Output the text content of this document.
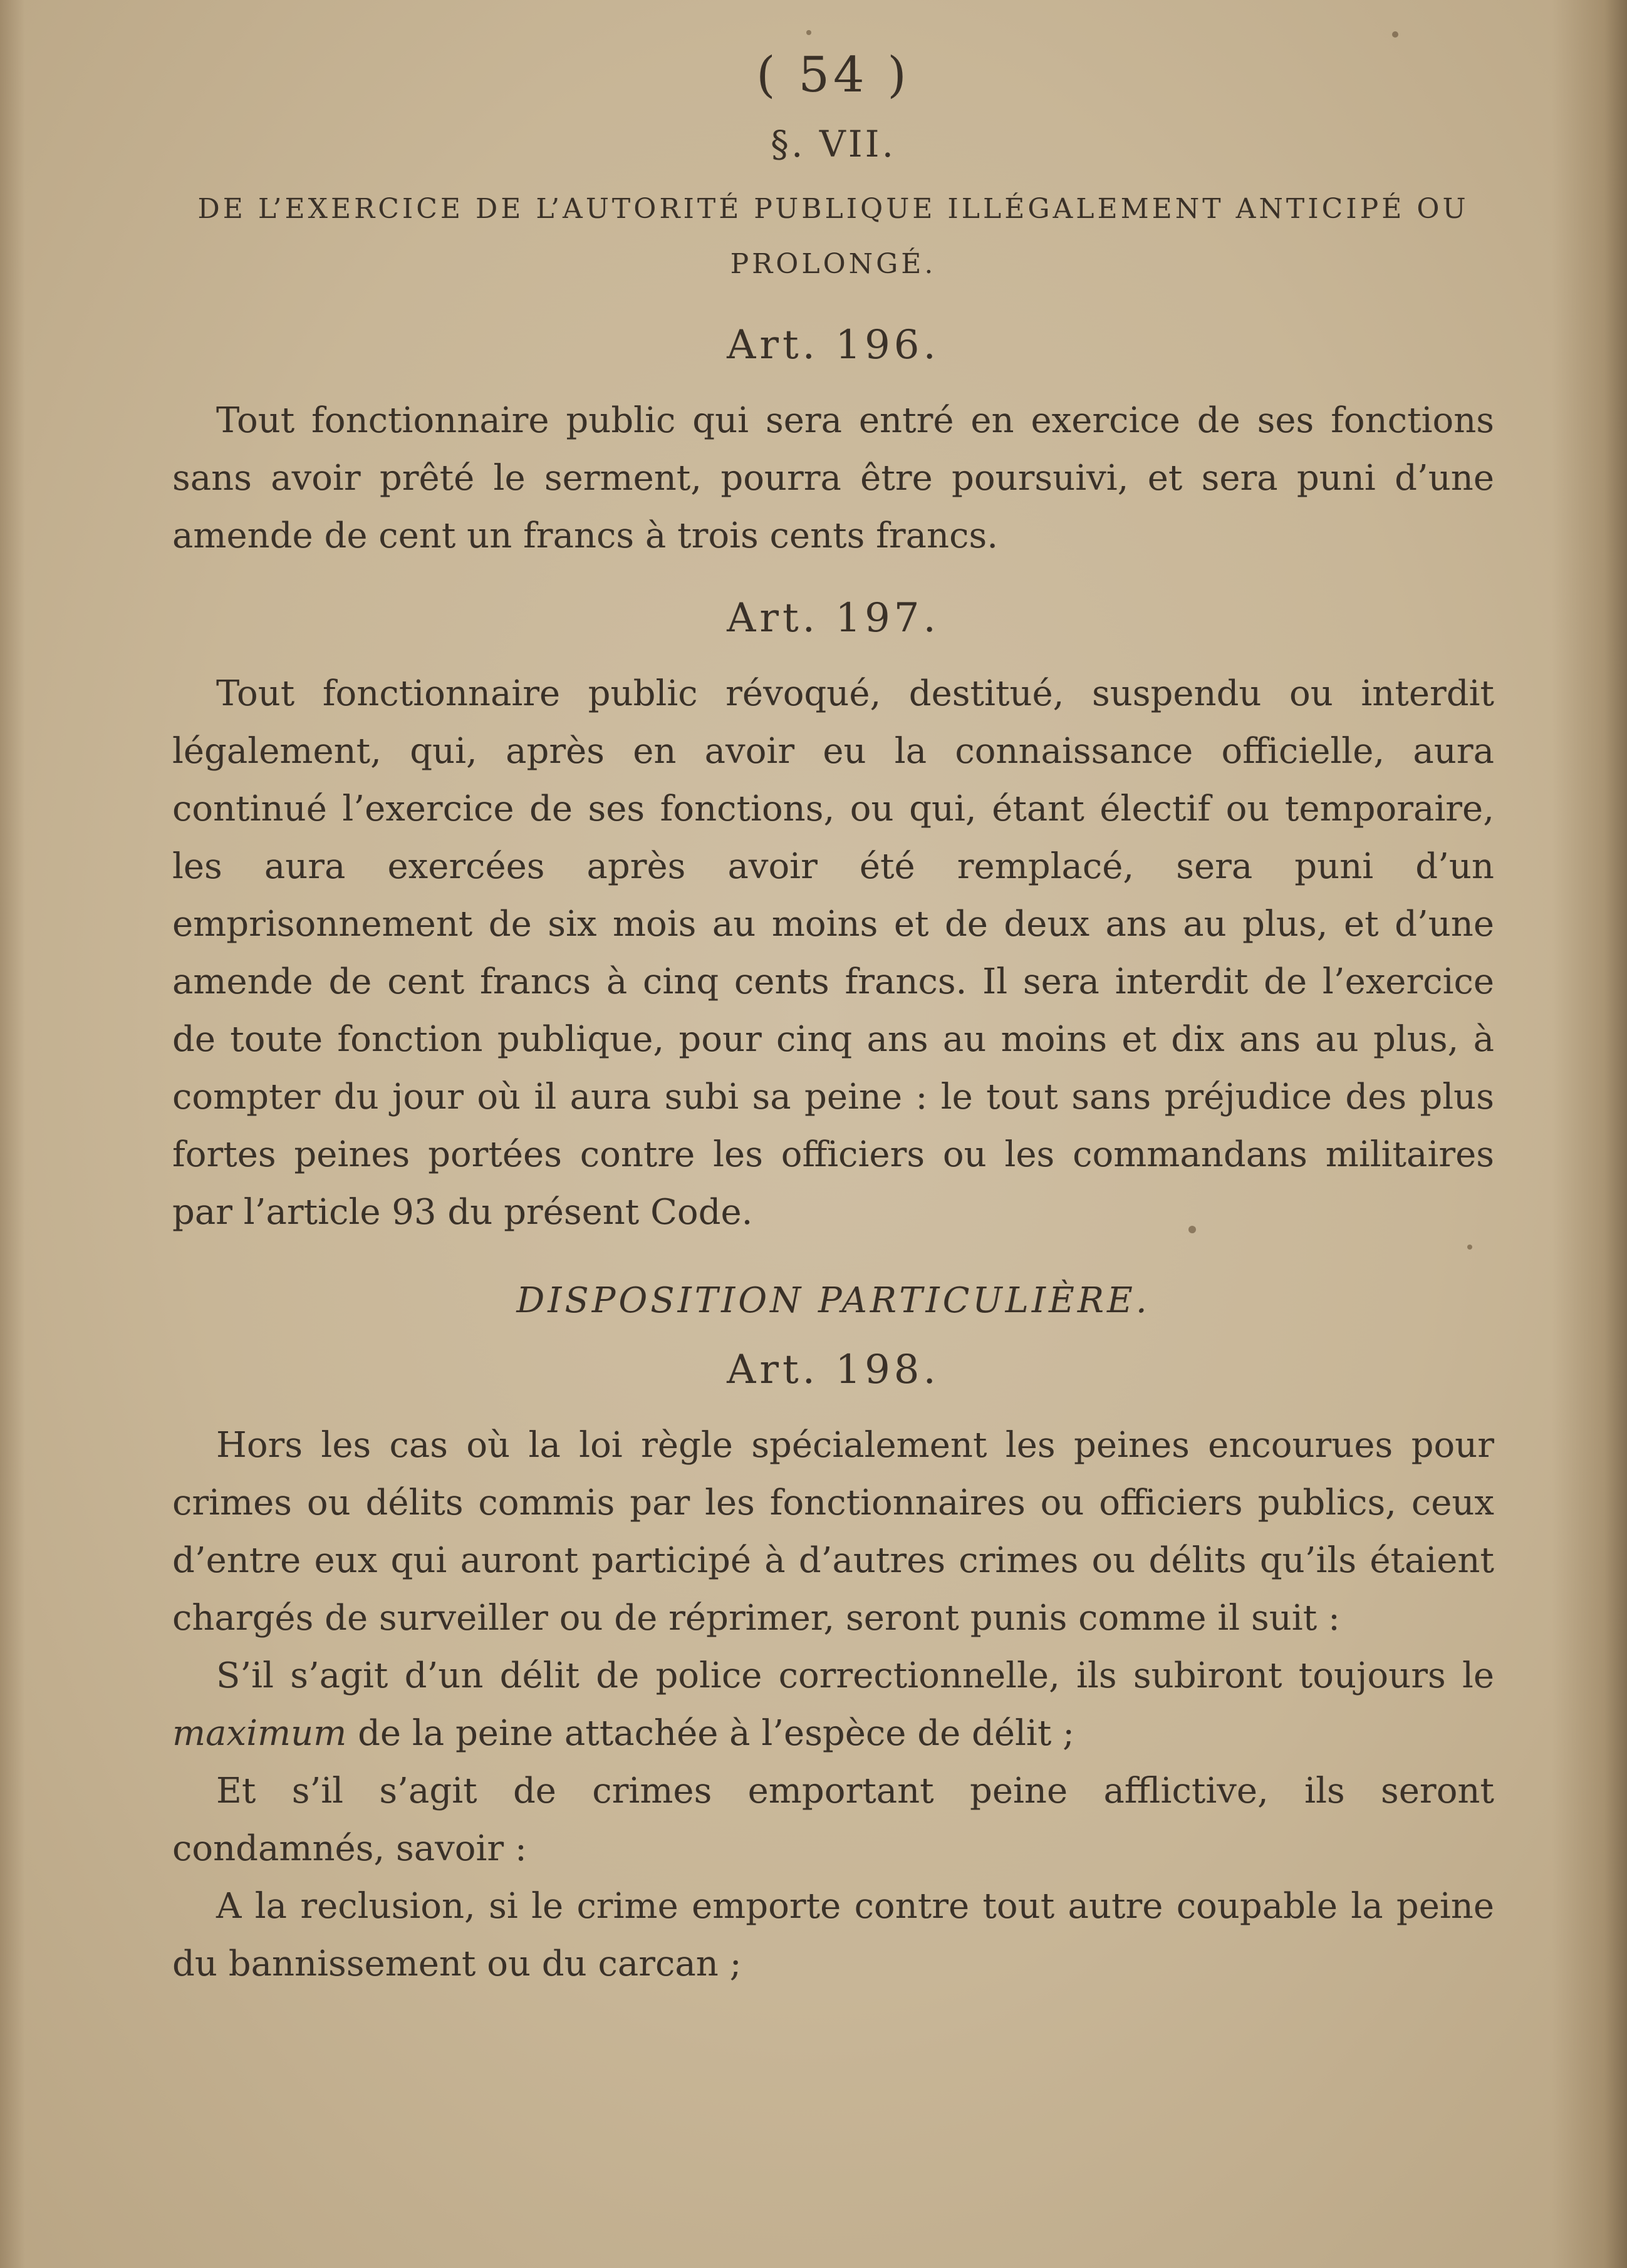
( 54 )
§. VII.
DE L’EXERCICE DE L’AUTORITÉ PUBLIQUE ILLÉGALEMENT ANTICIPÉ OU PROLONGÉ.
Art. 196.

Tout fonctionnaire public qui sera entré en exercice de ses fonctions sans avoir prêté le serment, pourra être poursuivi, et sera puni d’une amende de cent un francs à trois cents francs.

Art. 197.

Tout fonctionnaire public révoqué, destitué, suspendu ou interdit légalement, qui, après en avoir eu la connaissance officielle, aura continué l’exercice de ses fonctions, ou qui, étant électif ou temporaire, les aura exercées après avoir été remplacé, sera puni d’un emprisonnement de six mois au moins et de deux ans au plus, et d’une amende de cent francs à cinq cents francs. Il sera interdit de l’exercice de toute fonction publique, pour cinq ans au moins et dix ans au plus, à compter du jour où il aura subi sa peine : le tout sans préjudice des plus fortes peines portées contre les officiers ou les commandans militaires par l’article 93 du présent Code.

DISPOSITION PARTICULIÈRE.
Art. 198.

Hors les cas où la loi règle spécialement les peines encourues pour crimes ou délits commis par les fonctionnaires ou officiers publics, ceux d’entre eux qui auront participé à d’autres crimes ou délits qu’ils étaient chargés de surveiller ou de réprimer, seront punis comme il suit :

S’il s’agit d’un délit de police correctionnelle, ils subiront toujours le maximum de la peine attachée à l’espèce de délit ;

Et s’il s’agit de crimes emportant peine afflictive, ils seront condamnés, savoir :

A la reclusion, si le crime emporte contre tout autre coupable la peine du bannissement ou du carcan ;
